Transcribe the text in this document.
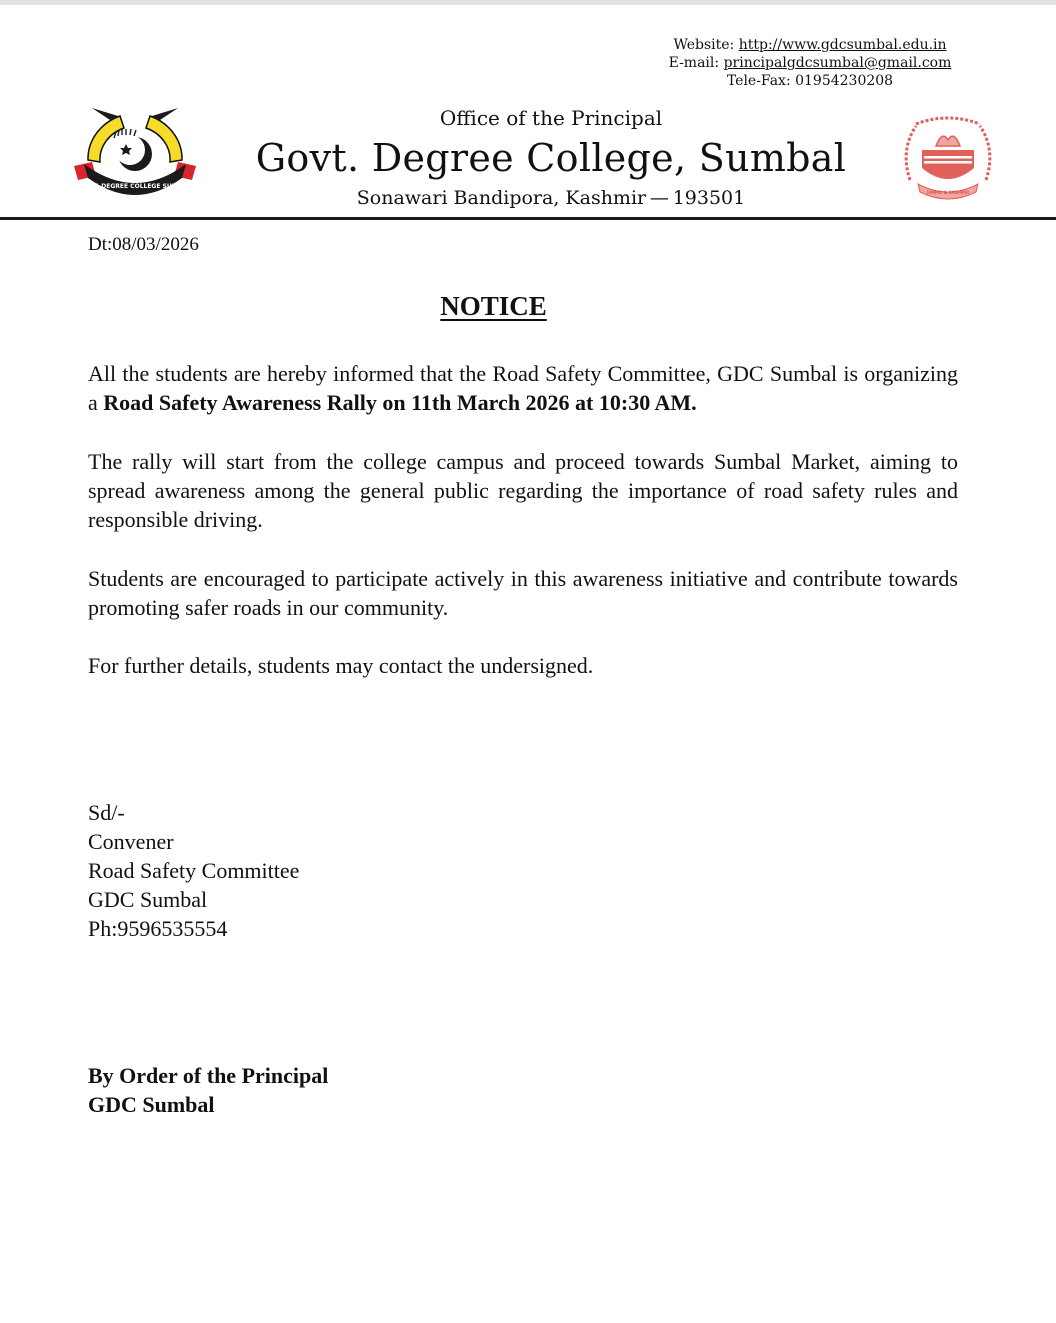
Website: http://www.gdcsumbal.edu.in
E-mail: principalgdcsumbal@gmail.com
Tele-Fax: 01954230208
GOVT. DEGREE COLLEGE SUMBAL
JAMMU & KASHMIR
Office of the Principal
Govt. Degree College, Sumbal
Sonawari Bandipora, Kashmir — 193501
Dt:08/03/2026
NOTICE

All the students are hereby informed that the Road Safety Committee, GDC Sumbal is organizing a Road Safety Awareness Rally on 11th March 2026 at 10:30 AM.

The rally will start from the college campus and proceed towards Sumbal Market, aiming to spread awareness among the general public regarding the importance of road safety rules and responsible driving.

Students are encouraged to participate actively in this awareness initiative and contribute towards promoting safer roads in our community.

For further details, students may contact the undersigned.

Sd/-
Convener
Road Safety Committee
GDC Sumbal
Ph:9596535554
By Order of the Principal
GDC Sumbal
